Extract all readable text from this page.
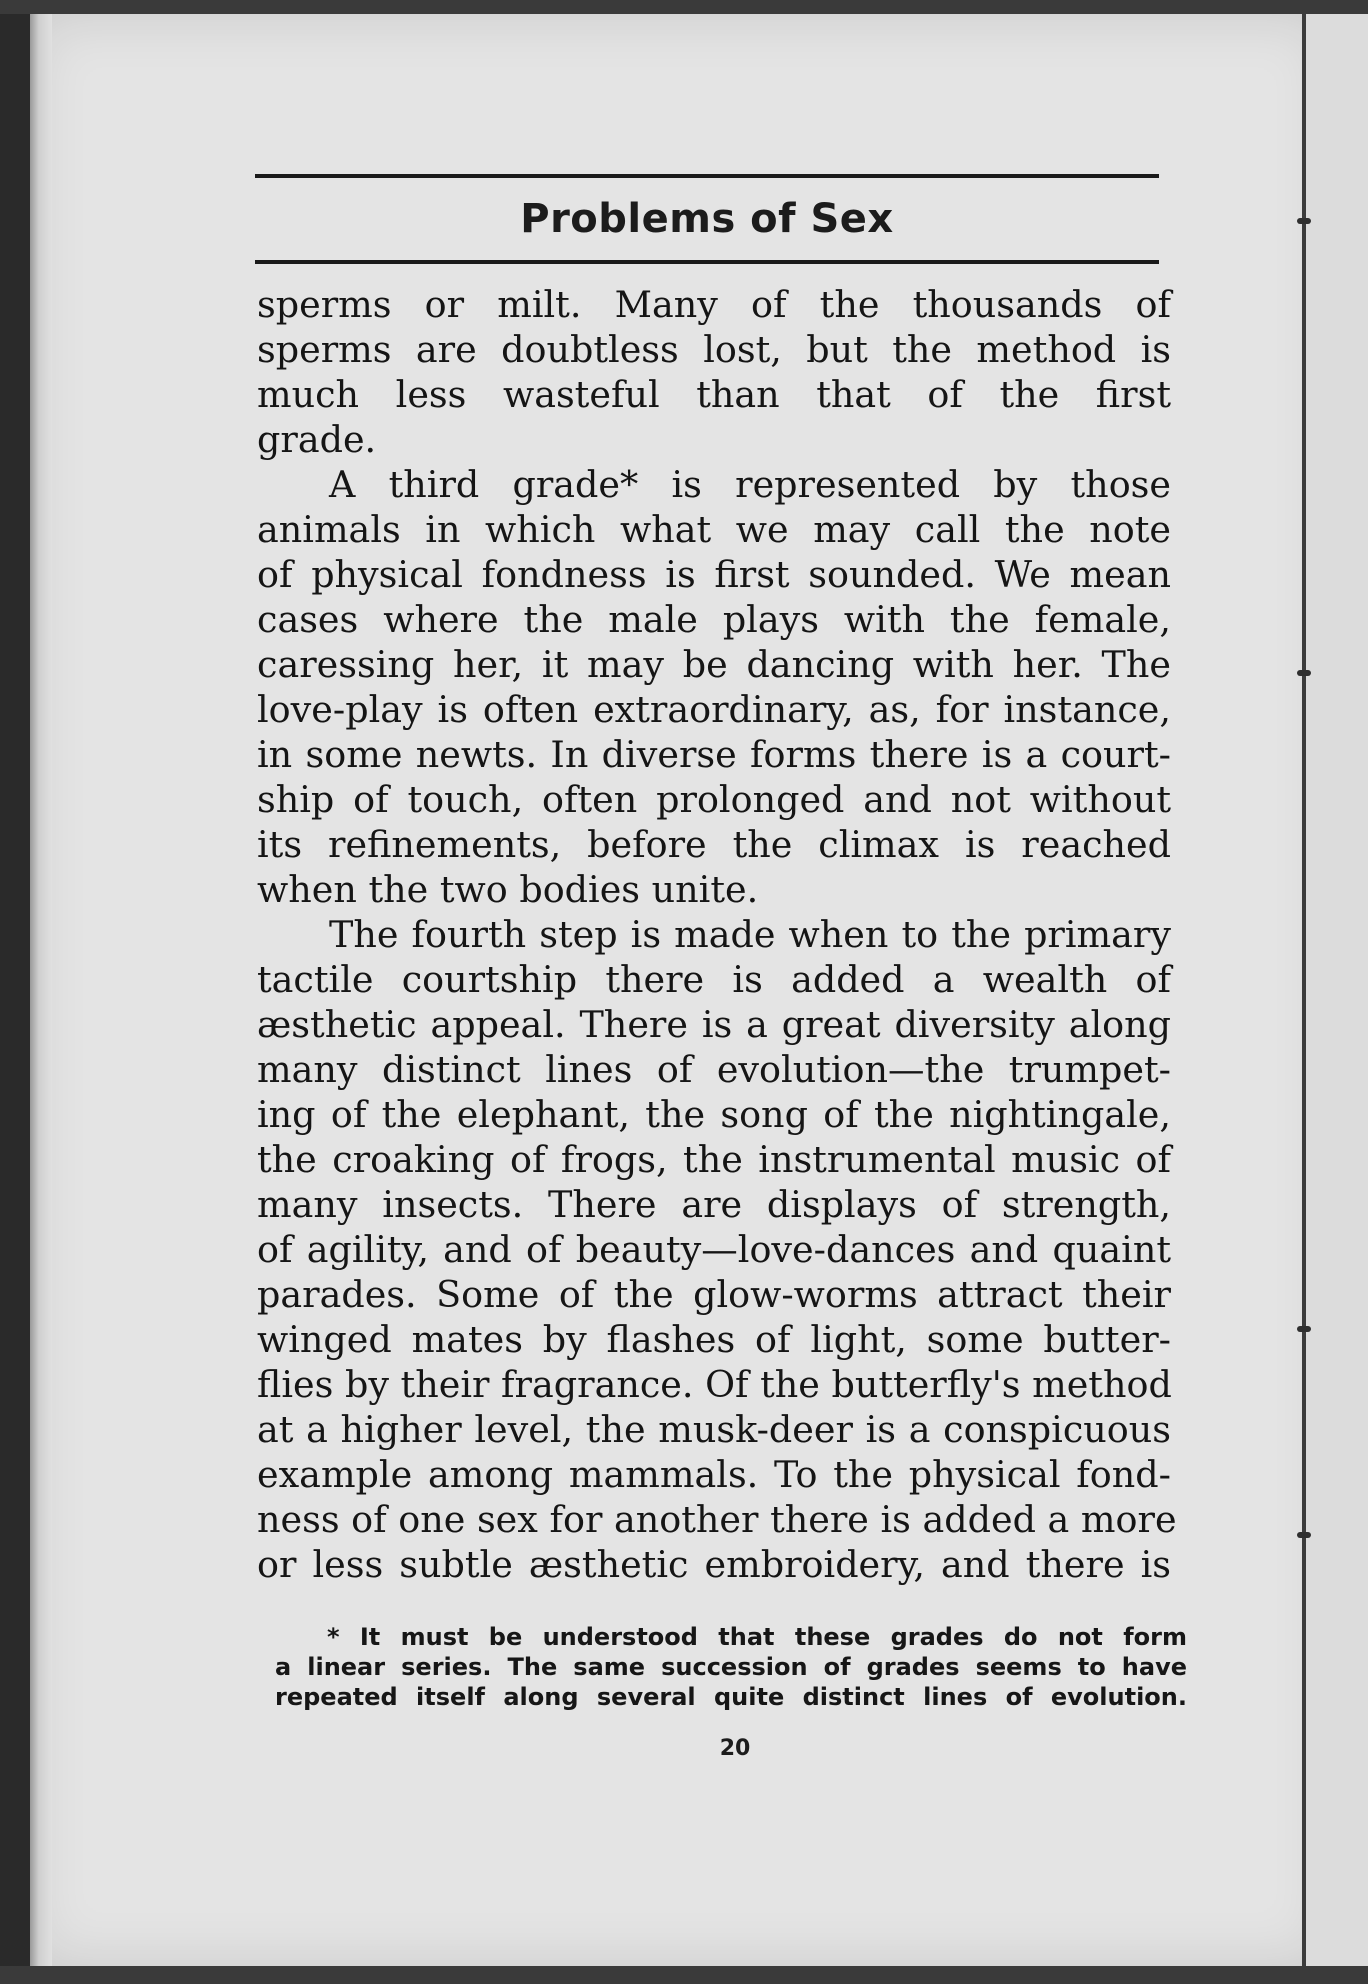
Problems of Sex
sperms or milt. Many of the thousands of
sperms are doubtless lost, but the method is
much less wasteful than that of the first
grade.
A third grade* is represented by those
animals in which what we may call the note
of physical fondness is first sounded. We mean
cases where the male plays with the female,
caressing her, it may be dancing with her. The
love-play is often extraordinary, as, for instance,
in some newts. In diverse forms there is a court-
ship of touch, often prolonged and not without
its refinements, before the climax is reached
when the two bodies unite.
The fourth step is made when to the primary
tactile courtship there is added a wealth of
æsthetic appeal. There is a great diversity along
many distinct lines of evolution—the trumpet-
ing of the elephant, the song of the nightingale,
the croaking of frogs, the instrumental music of
many insects. There are displays of strength,
of agility, and of beauty—love-dances and quaint
parades. Some of the glow-worms attract their
winged mates by flashes of light, some butter-
flies by their fragrance. Of the butterfly's method
at a higher level, the musk-deer is a conspicuous
example among mammals. To the physical fond-
ness of one sex for another there is added a more
or less subtle æsthetic embroidery, and there is
* It must be understood that these grades do not form
a linear series. The same succession of grades seems to have
repeated itself along several quite distinct lines of evolution.
20
